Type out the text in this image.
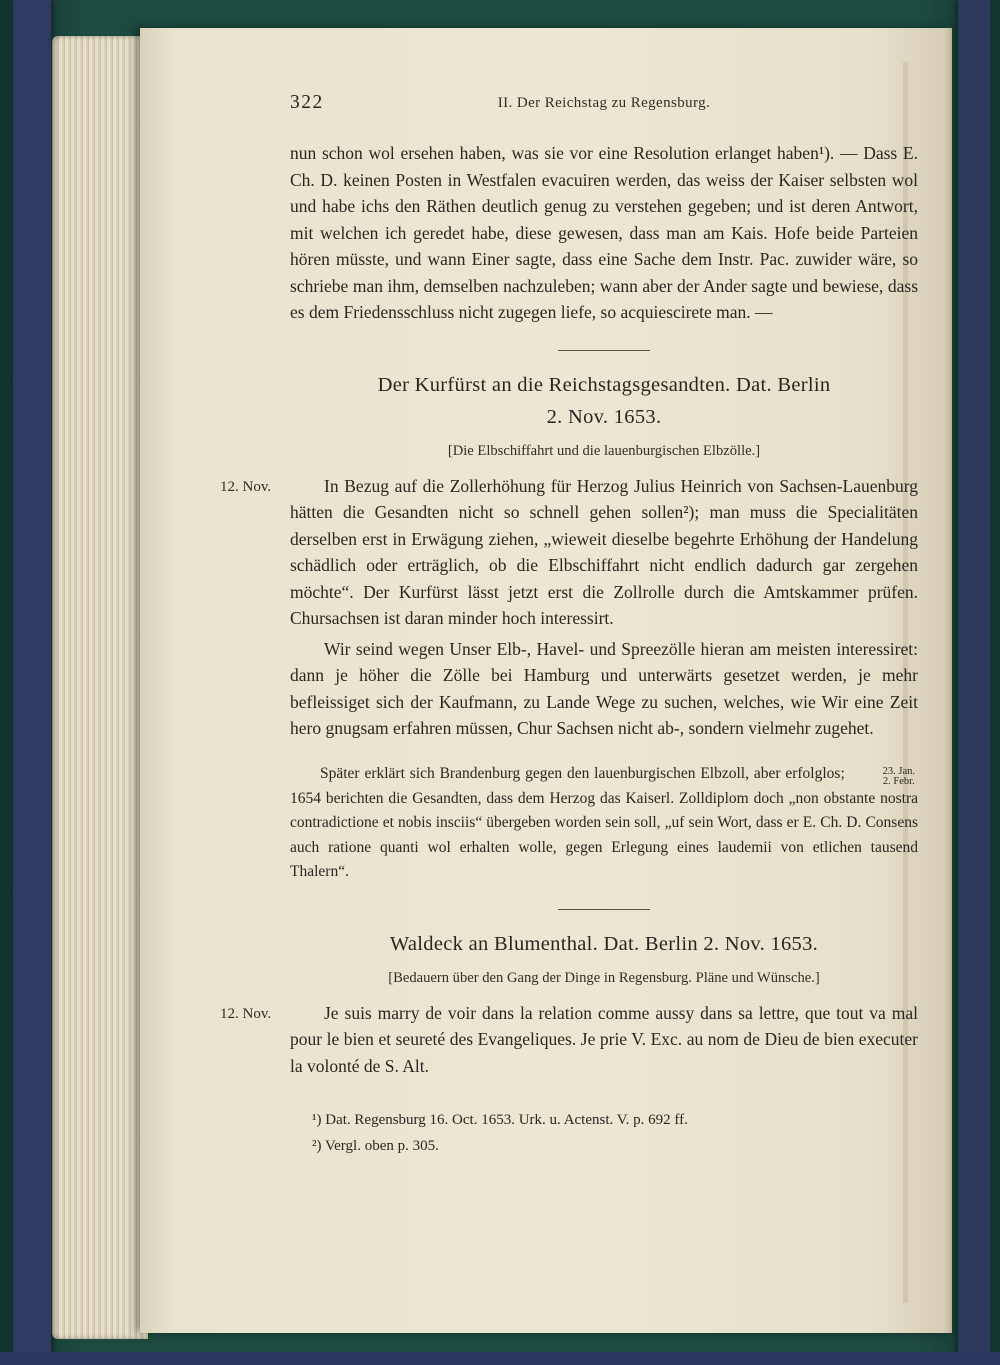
322	II. Der Reichstag zu Regensburg.

nun schon wol ersehen haben, was sie vor eine Resolution erlanget haben¹). — Dass E. Ch. D. keinen Posten in Westfalen evacuiren werden, das weiss der Kaiser selbsten wol und habe ichs den Räthen deutlich genug zu verstehen gegeben; und ist deren Antwort, mit welchen ich geredet habe, diese gewesen, dass man am Kais. Hofe beide Parteien hören müsste, und wann Einer sagte, dass eine Sache dem Instr. Pac. zuwider wäre, so schriebe man ihm, demselben nachzuleben; wann aber der Ander sagte und bewiese, dass es dem Friedensschluss nicht zugegen liefe, so acquiescirete man. —

Der Kurfürst an die Reichstagsgesandten. Dat. Berlin
2. Nov. 1653.
[Die Elbschiffahrt und die lauenburgischen Elbzölle.]

12. Nov.	In Bezug auf die Zollerhöhung für Herzog Julius Heinrich von Sachsen-Lauenburg hätten die Gesandten nicht so schnell gehen sollen²); man muss die Specialitäten derselben erst in Erwägung ziehen, „wieweit dieselbe begehrte Erhöhung der Handelung schädlich oder erträglich, ob die Elbschiffahrt nicht endlich dadurch gar zergehen möchte“. Der Kurfürst lässt jetzt erst die Zollrolle durch die Amtskammer prüfen. Chursachsen ist daran minder hoch interessirt.

Wir seind wegen Unser Elb-, Havel- und Spreezölle hieran am meisten interessiret: dann je höher die Zölle bei Hamburg und unterwärts gesetzet werden, je mehr befleissiget sich der Kaufmann, zu Lande Wege zu suchen, welches, wie Wir eine Zeit hero gnugsam erfahren müssen, Chur Sachsen nicht ab-, sondern vielmehr zugehet.

Später erklärt sich Brandenburg gegen den lauenburgischen Elbzoll, aber erfolglos;	23. Jan.
2. Febr.
1654 berichten die Gesandten, dass dem Herzog das Kaiserl. Zolldiplom doch „non obstante nostra contradictione et nobis insciis“ übergeben worden sein soll, „uf sein Wort, dass er E. Ch. D. Consens auch ratione quanti wol erhalten wolle, gegen Erlegung eines laudemii von etlichen tausend Thalern“.

Waldeck an Blumenthal. Dat. Berlin 2. Nov. 1653.
[Bedauern über den Gang der Dinge in Regensburg. Pläne und Wünsche.]

12. Nov.	Je suis marry de voir dans la relation comme aussy dans sa lettre, que tout va mal pour le bien et seureté des Evangeliques. Je prie V. Exc. au nom de Dieu de bien executer la volonté de S. Alt.

¹) Dat. Regensburg 16. Oct. 1653. Urk. u. Actenst. V. p. 692 ff.

²) Vergl. oben p. 305.
